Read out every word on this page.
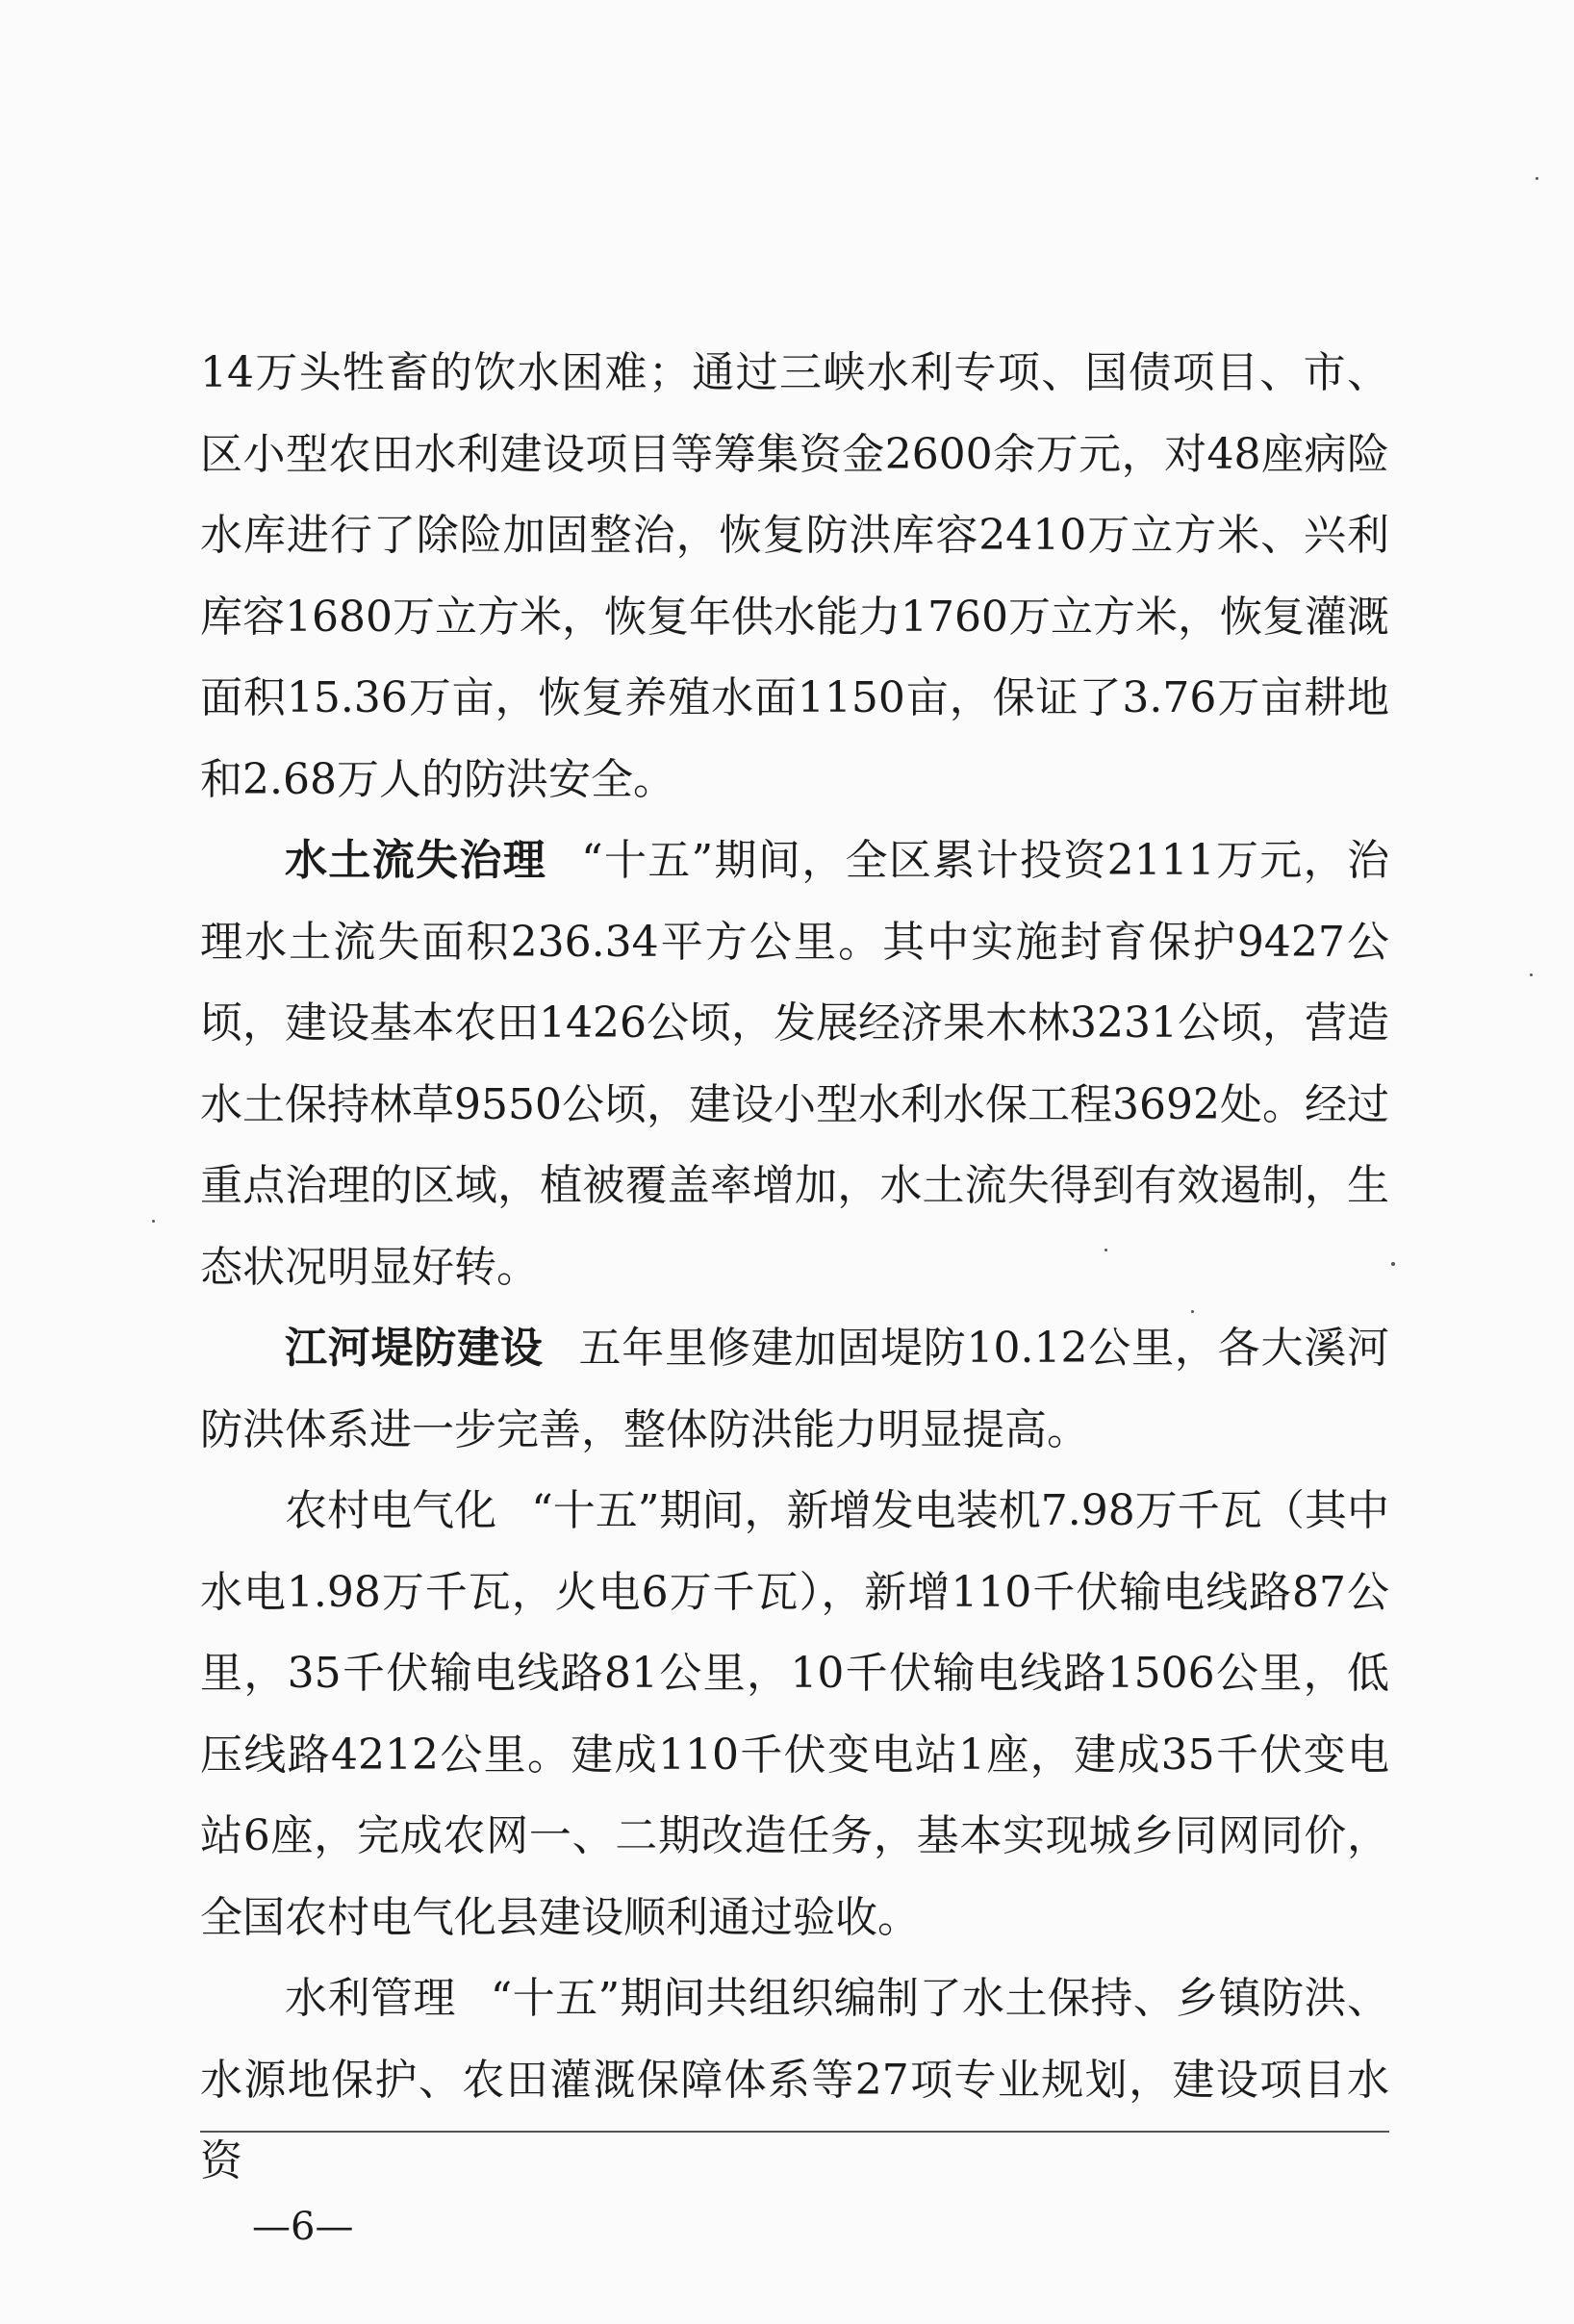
14万头牲畜的饮水困难；通过三峡水利专项、国债项目、市、区小型农田水利建设项目等筹集资金2600余万元，对48座病险水库进行了除险加固整治，恢复防洪库容2410万立方米、兴利库容1680万立方米，恢复年供水能力1760万立方米，恢复灌溉面积15.36万亩，恢复养殖水面1150亩，保证了3.76万亩耕地和2.68万人的防洪安全。

水土流失治理 “十五”期间，全区累计投资2111万元，治理水土流失面积236.34平方公里。其中实施封育保护9427公顷，建设基本农田1426公顷，发展经济果木林3231公顷，营造水土保持林草9550公顷，建设小型水利水保工程3692处。经过重点治理的区域，植被覆盖率增加，水土流失得到有效遏制，生态状况明显好转。

江河堤防建设 五年里修建加固堤防10.12公里，各大溪河防洪体系进一步完善，整体防洪能力明显提高。

农村电气化 “十五”期间，新增发电装机7.98万千瓦（其中水电1.98万千瓦，火电6万千瓦），新增110千伏输电线路87公里，35千伏输电线路81公里，10千伏输电线路1506公里，低压线路4212公里。建成110千伏变电站1座，建成35千伏变电站6座，完成农网一、二期改造任务，基本实现城乡同网同价，全国农村电气化县建设顺利通过验收。

水利管理 “十五”期间共组织编制了水土保持、乡镇防洪、水源地保护、农田灌溉保障体系等27项专业规划，建设项目水资

—6—
